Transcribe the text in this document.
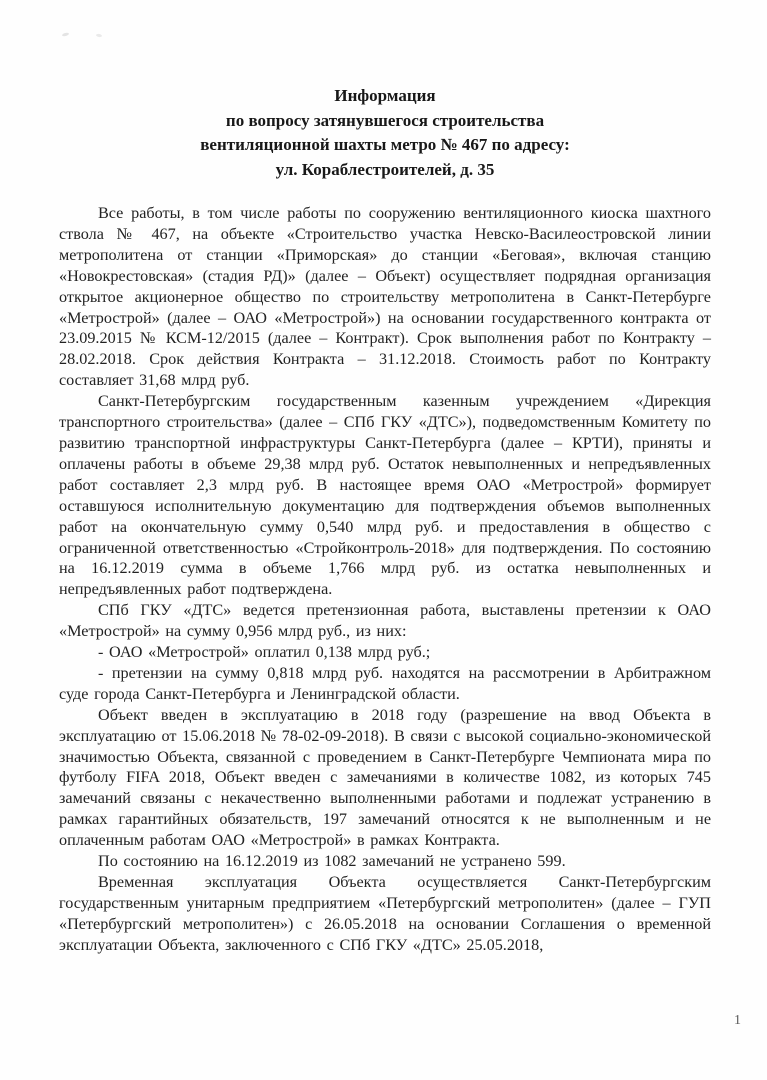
Информация
по вопросу затянувшегося строительства
вентиляционной шахты метро № 467 по адресу:
ул. Кораблестроителей, д. 35

Все работы, в том числе работы по сооружению вентиляционного киоска шахтного ствола № 467, на объекте «Строительство участка Невско-Василеостровской линии метрополитена от станции «Приморская» до станции «Беговая», включая станцию «Новокрестовская» (стадия РД)» (далее – Объект) осуществляет подрядная организация открытое акционерное общество по строительству метрополитена в Санкт-Петербурге «Метрострой» (далее – ОАО «Метрострой») на основании государственного контракта от 23.09.2015 № КСМ-12/2015 (далее – Контракт). Срок выполнения работ по Контракту – 28.02.2018. Срок действия Контракта – 31.12.2018. Стоимость работ по Контракту составляет 31,68 млрд руб.

Санкт-Петербургским государственным казенным учреждением «Дирекция транспортного строительства» (далее – СПб ГКУ «ДТС»), подведомственным Комитету по развитию транспортной инфраструктуры Санкт-Петербурга (далее – КРТИ), приняты и оплачены работы в объеме 29,38 млрд руб. Остаток невыполненных и непредъявленных работ составляет 2,3 млрд руб. В настоящее время ОАО «Метрострой» формирует оставшуюся исполнительную документацию для подтверждения объемов выполненных работ на окончательную сумму 0,540 млрд руб. и предоставления в общество с ограниченной ответственностью «Стройконтроль-2018» для подтверждения. По состоянию на 16.12.2019 сумма в объеме 1,766 млрд руб. из остатка невыполненных и непредъявленных работ подтверждена.

СПб ГКУ «ДТС» ведется претензионная работа, выставлены претензии к ОАО «Метрострой» на сумму 0,956 млрд руб., из них:

- ОАО «Метрострой» оплатил 0,138 млрд руб.;

- претензии на сумму 0,818 млрд руб. находятся на рассмотрении в Арбитражном суде города Санкт-Петербурга и Ленинградской области.

Объект введен в эксплуатацию в 2018 году (разрешение на ввод Объекта в эксплуатацию от 15.06.2018 № 78-02-09-2018). В связи с высокой социально-экономической значимостью Объекта, связанной с проведением в Санкт-Петербурге Чемпионата мира по футболу FIFA 2018, Объект введен с замечаниями в количестве 1082, из которых 745 замечаний связаны с некачественно выполненными работами и подлежат устранению в рамках гарантийных обязательств, 197 замечаний относятся к не выполненным и не оплаченным работам ОАО «Метрострой» в рамках Контракта.

По состоянию на 16.12.2019 из 1082 замечаний не устранено 599.

Временная эксплуатация Объекта осуществляется Санкт-Петербургским государственным унитарным предприятием «Петербургский метрополитен» (далее – ГУП «Петербургский метрополитен») с 26.05.2018 на основании Соглашения о временной эксплуатации Объекта, заключенного с СПб ГКУ «ДТС» 25.05.2018,

1
